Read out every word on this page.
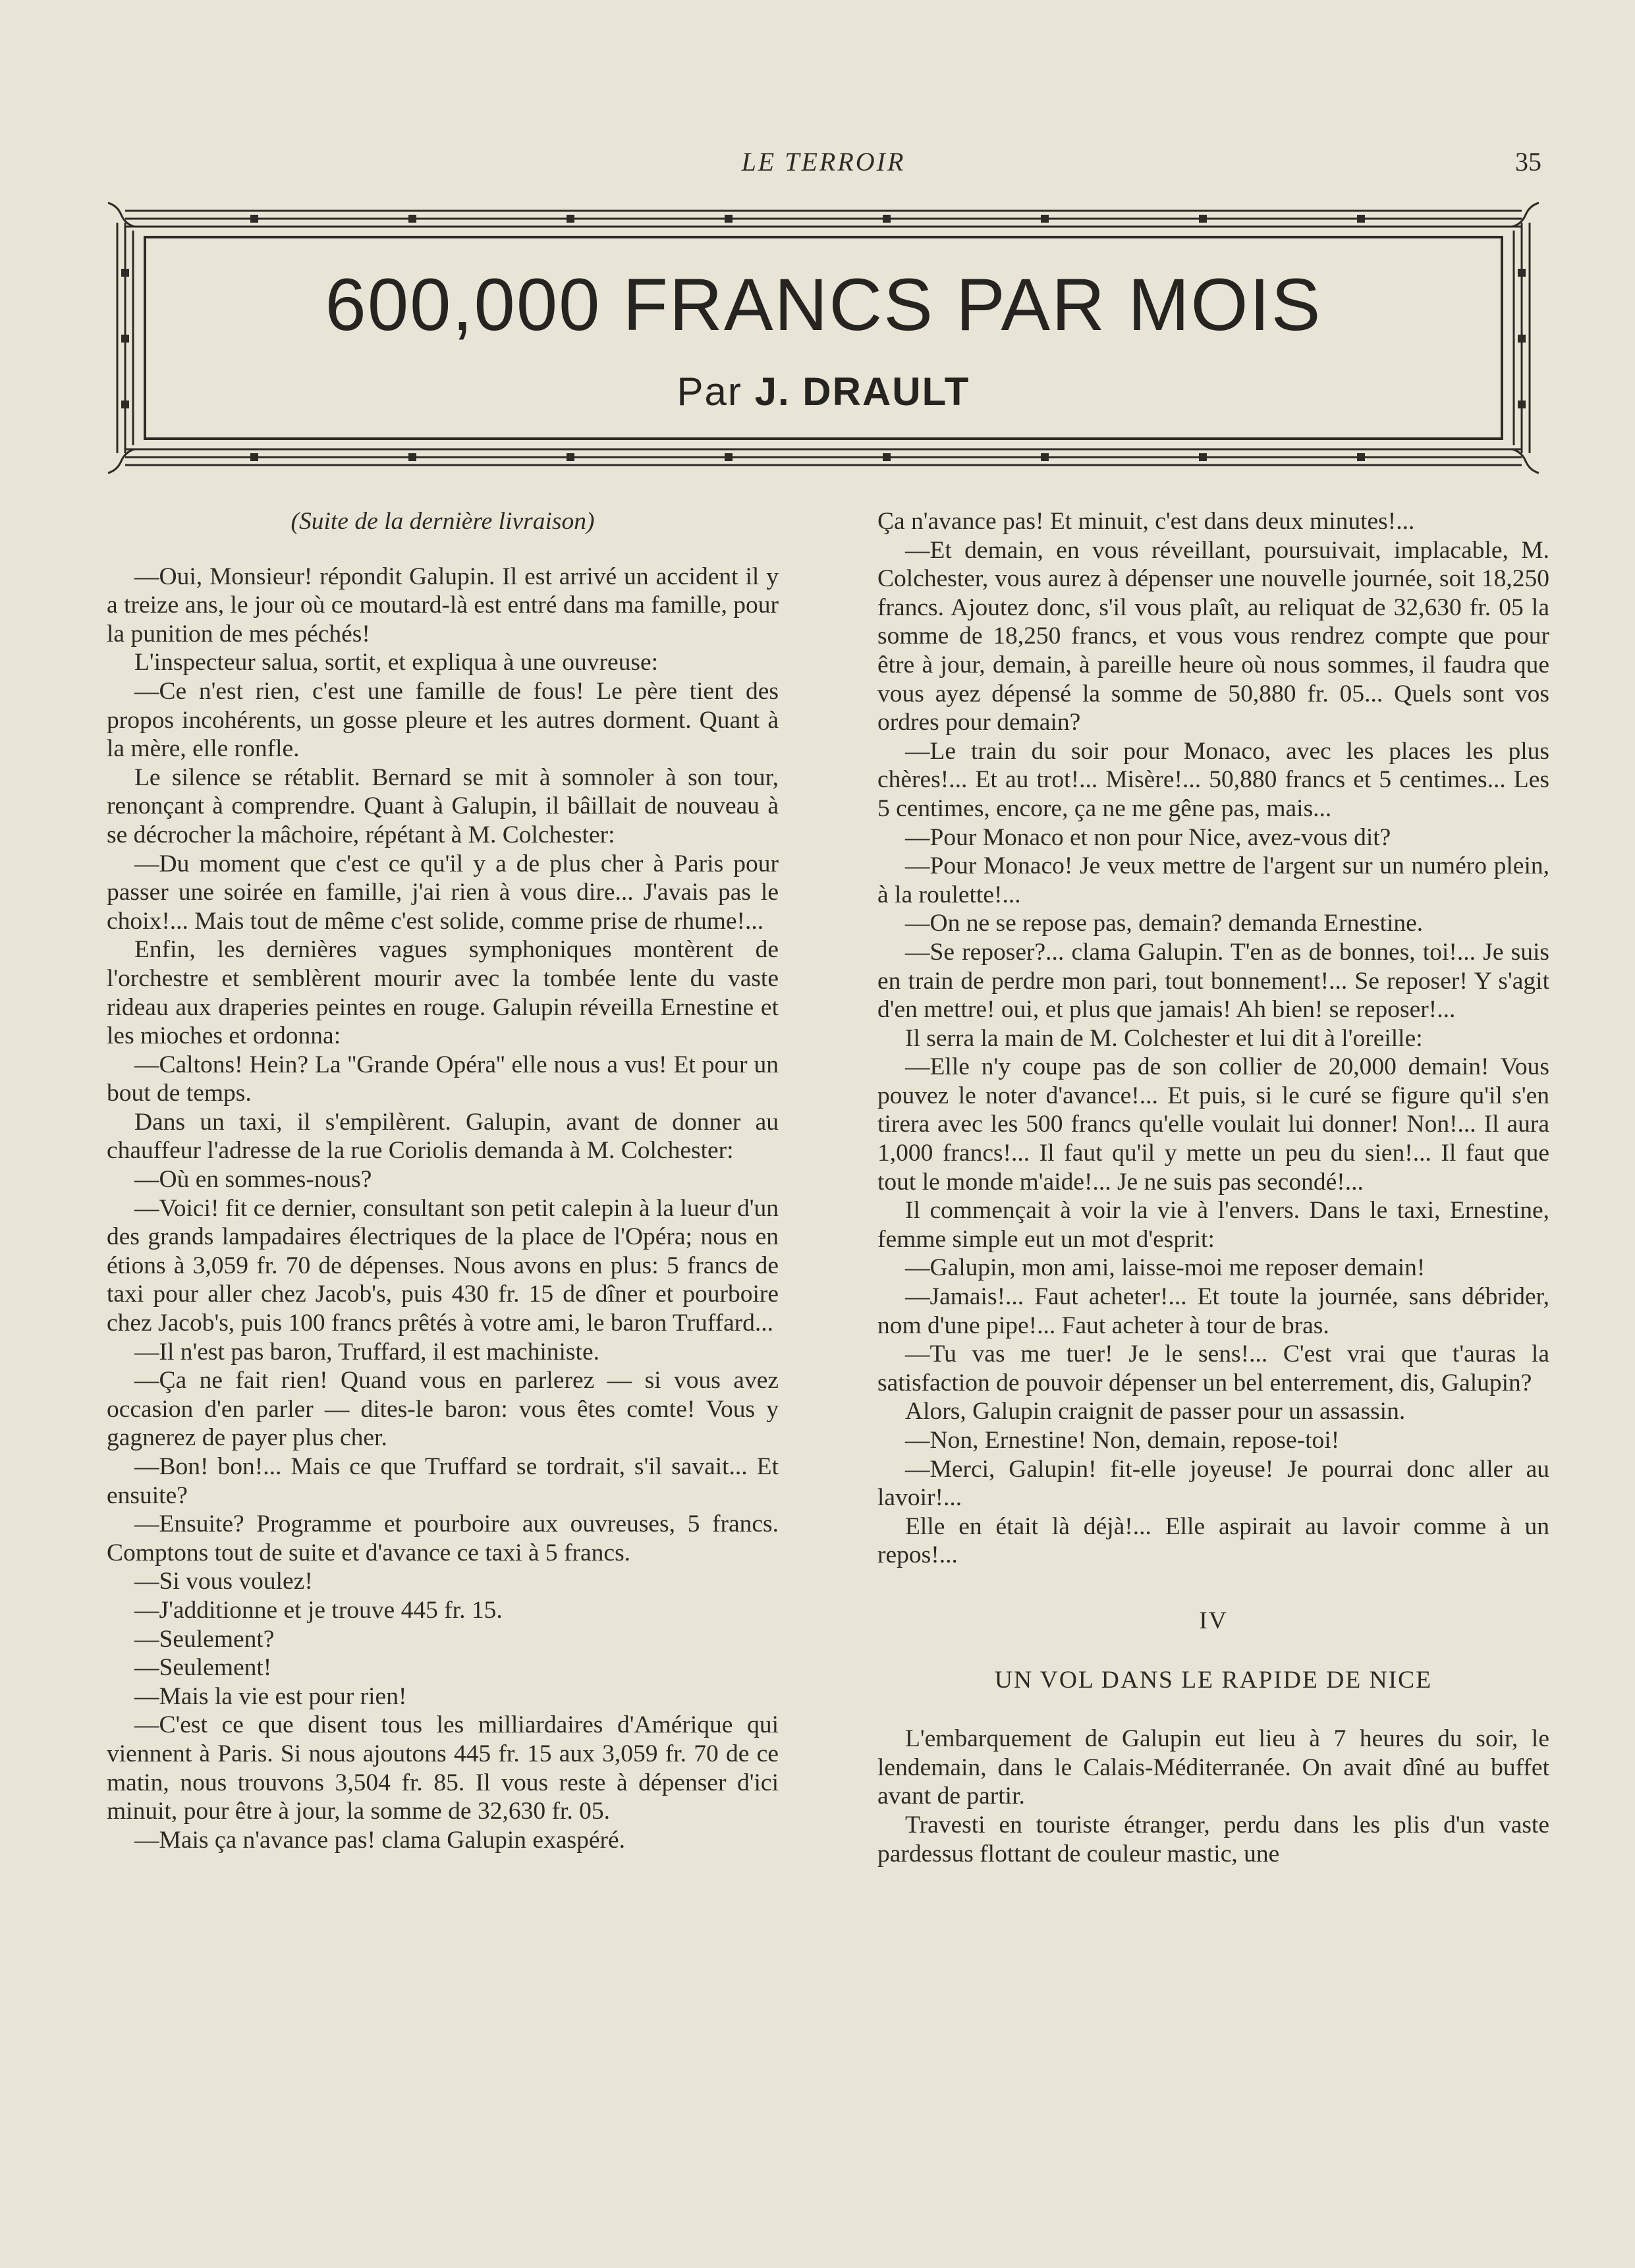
LE TERROIR	35
600,000 FRANCS PAR MOIS
Par J. DRAULT

(Suite de la dernière livraison)

—Oui, Monsieur! répondit Galupin. Il est arrivé un accident il y a treize ans, le jour où ce moutard-là est entré dans ma famille, pour la punition de mes péchés!

L'inspecteur salua, sortit, et expliqua à une ouvreuse:

—Ce n'est rien, c'est une famille de fous! Le père tient des propos incohérents, un gosse pleure et les autres dorment. Quant à la mère, elle ronfle.

Le silence se rétablit. Bernard se mit à somnoler à son tour, renonçant à comprendre. Quant à Galupin, il bâillait de nouveau à se décrocher la mâchoire, répétant à M. Colchester:

—Du moment que c'est ce qu'il y a de plus cher à Paris pour passer une soirée en famille, j'ai rien à vous dire... J'avais pas le choix!... Mais tout de même c'est solide, comme prise de rhume!...

Enfin, les dernières vagues symphoniques montèrent de l'orchestre et semblèrent mourir avec la tombée lente du vaste rideau aux draperies peintes en rouge. Galupin réveilla Ernestine et les mioches et ordonna:

—Caltons! Hein? La ''Grande Opéra'' elle nous a vus! Et pour un bout de temps.

Dans un taxi, il s'empilèrent. Galupin, avant de donner au chauffeur l'adresse de la rue Coriolis demanda à M. Colchester:

—Où en sommes-nous?

—Voici! fit ce dernier, consultant son petit calepin à la lueur d'un des grands lampadaires électriques de la place de l'Opéra; nous en étions à 3,059 fr. 70 de dépenses. Nous avons en plus: 5 francs de taxi pour aller chez Jacob's, puis 430 fr. 15 de dîner et pourboire chez Jacob's, puis 100 francs prêtés à votre ami, le baron Truffard...

—Il n'est pas baron, Truffard, il est machiniste.

—Ça ne fait rien! Quand vous en parlerez — si vous avez occasion d'en parler — dites-le baron: vous êtes comte! Vous y gagnerez de payer plus cher.

—Bon! bon!... Mais ce que Truffard se tordrait, s'il savait... Et ensuite?

—Ensuite? Programme et pourboire aux ouvreuses, 5 francs. Comptons tout de suite et d'avance ce taxi à 5 francs.

—Si vous voulez!

—J'additionne et je trouve 445 fr. 15.

—Seulement?

—Seulement!

—Mais la vie est pour rien!

—C'est ce que disent tous les milliardaires d'Amérique qui viennent à Paris. Si nous ajoutons 445 fr. 15 aux 3,059 fr. 70 de ce matin, nous trouvons 3,504 fr. 85. Il vous reste à dépenser d'ici minuit, pour être à jour, la somme de 32,630 fr. 05.

—Mais ça n'avance pas! clama Galupin exaspéré.

Ça n'avance pas! Et minuit, c'est dans deux minutes!...

—Et demain, en vous réveillant, poursuivait, implacable, M. Colchester, vous aurez à dépenser une nouvelle journée, soit 18,250 francs. Ajoutez donc, s'il vous plaît, au reliquat de 32,630 fr. 05 la somme de 18,250 francs, et vous vous rendrez compte que pour être à jour, demain, à pareille heure où nous sommes, il faudra que vous ayez dépensé la somme de 50,880 fr. 05... Quels sont vos ordres pour demain?

—Le train du soir pour Monaco, avec les places les plus chères!... Et au trot!... Misère!... 50,880 francs et 5 centimes... Les 5 centimes, encore, ça ne me gêne pas, mais...

—Pour Monaco et non pour Nice, avez-vous dit?

—Pour Monaco! Je veux mettre de l'argent sur un numéro plein, à la roulette!...

—On ne se repose pas, demain? demanda Ernestine.

—Se reposer?... clama Galupin. T'en as de bonnes, toi!... Je suis en train de perdre mon pari, tout bonnement!... Se reposer! Y s'agit d'en mettre! oui, et plus que jamais! Ah bien! se reposer!...

Il serra la main de M. Colchester et lui dit à l'oreille:

—Elle n'y coupe pas de son collier de 20,000 demain! Vous pouvez le noter d'avance!... Et puis, si le curé se figure qu'il s'en tirera avec les 500 francs qu'elle voulait lui donner! Non!... Il aura 1,000 francs!... Il faut qu'il y mette un peu du sien!... Il faut que tout le monde m'aide!... Je ne suis pas secondé!...

Il commençait à voir la vie à l'envers. Dans le taxi, Ernestine, femme simple eut un mot d'esprit:

—Galupin, mon ami, laisse-moi me reposer demain!

—Jamais!... Faut acheter!... Et toute la journée, sans débrider, nom d'une pipe!... Faut acheter à tour de bras.

—Tu vas me tuer! Je le sens!... C'est vrai que t'auras la satisfaction de pouvoir dépenser un bel enterrement, dis, Galupin?

Alors, Galupin craignit de passer pour un assassin.

—Non, Ernestine! Non, demain, repose-toi!

—Merci, Galupin! fit-elle joyeuse! Je pourrai donc aller au lavoir!...

Elle en était là déjà!... Elle aspirait au lavoir comme à un repos!...

IV

UN VOL DANS LE RAPIDE DE NICE

L'embarquement de Galupin eut lieu à 7 heures du soir, le lendemain, dans le Calais-Méditerranée. On avait dîné au buffet avant de partir.

Travesti en touriste étranger, perdu dans les plis d'un vaste pardessus flottant de couleur mastic, une
